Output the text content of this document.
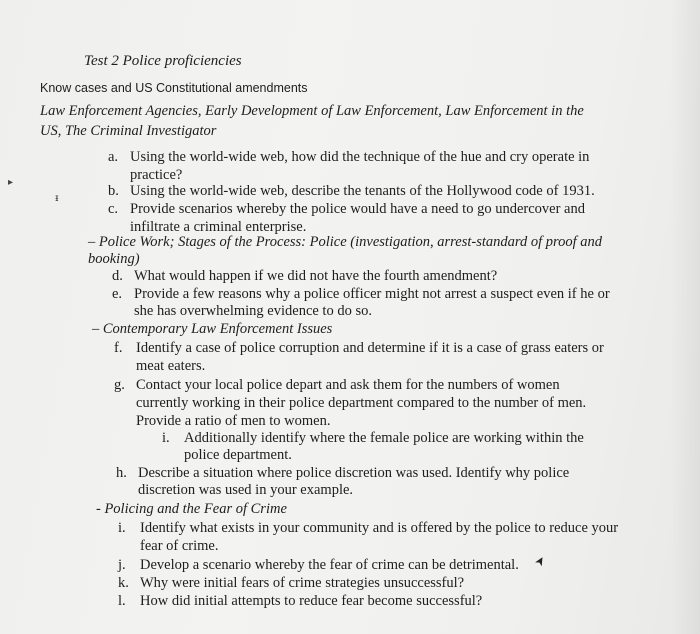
Test 2 Police proficiencies
Know cases and US Constitutional amendments
Law Enforcement Agencies, Early Development of Law Enforcement, Law Enforcement in the
US, The Criminal Investigator
a. Using the world-wide web, how did the technique of the hue and cry operate in
practice?
b. Using the world-wide web, describe the tenants of the Hollywood code of 1931.
c. Provide scenarios whereby the police would have a need to go undercover and
infiltrate a criminal enterprise.
– Police Work; Stages of the Process: Police (investigation, arrest-standard of proof and
booking)
d. What would happen if we did not have the fourth amendment?
e. Provide a few reasons why a police officer might not arrest a suspect even if he or
she has overwhelming evidence to do so.
– Contemporary Law Enforcement Issues
f. Identify a case of police corruption and determine if it is a case of grass eaters or
meat eaters.
g. Contact your local police depart and ask them for the numbers of women
currently working in their police department compared to the number of men.
Provide a ratio of men to women.
i. Additionally identify where the female police are working within the
police department.
h. Describe a situation where police discretion was used. Identify why police
discretion was used in your example.
- Policing and the Fear of Crime
i. Identify what exists in your community and is offered by the police to reduce your
fear of crime.
j. Develop a scenario whereby the fear of crime can be detrimental.
k. Why were initial fears of crime strategies unsuccessful?
l. How did initial attempts to reduce fear become successful?
▸
ᵻ
➤
